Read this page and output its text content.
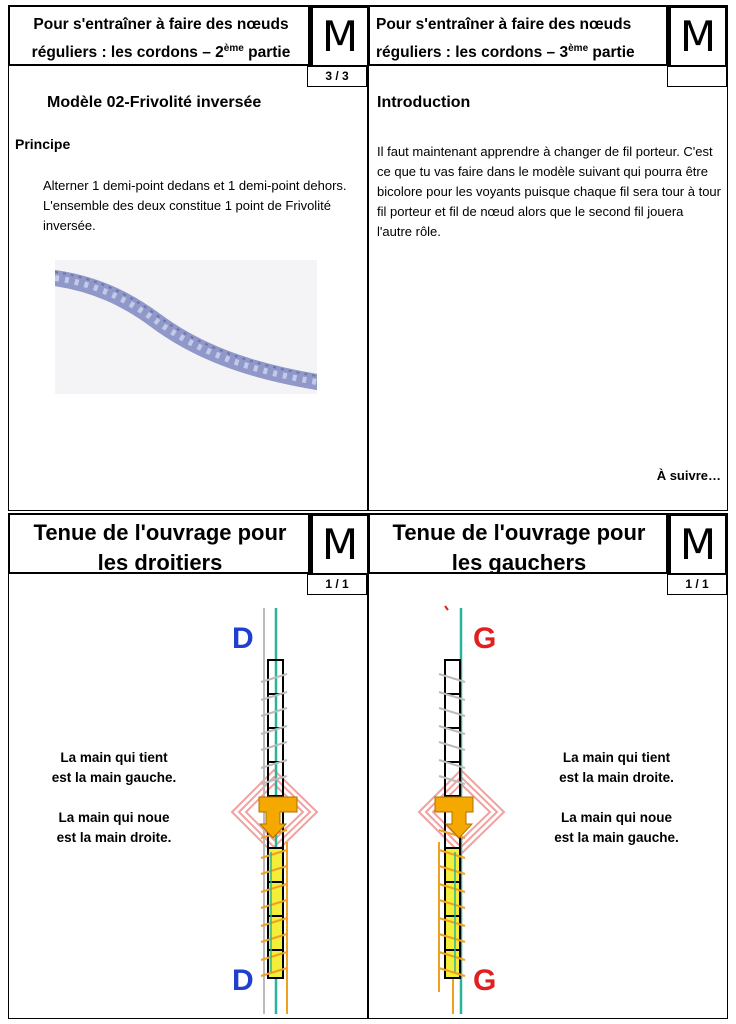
Pour s'entraîner à faire des nœuds
réguliers : les cordons – 2ème partie M
3 / 3
Modèle 02-Frivolité inversée
Principe
Alterner 1 demi-point dedans et 1 demi-point dehors. L'ensemble des deux constitue 1 point de Frivolité inversée.
Pour s'entraîner à faire des nœuds
réguliers : les cordons – 3ème partie	M
Introduction
Il faut maintenant apprendre à changer de fil porteur. C'est ce que tu vas faire dans le modèle suivant qui pourra être bicolore pour les voyants puisque chaque fil sera tour à tour fil porteur et fil de nœud alors que le second fil jouera l'autre rôle.
À suivre…
Tenue de l'ouvrage pour les droitiers	M
1 / 1
La main qui tient
est la main gauche.
La main qui noue
est la main droite.
D
D
Tenue de l'ouvrage pour les gauchers	M
1 / 1
La main qui tient
est la main droite.
La main qui noue
est la main gauche.
G
G
